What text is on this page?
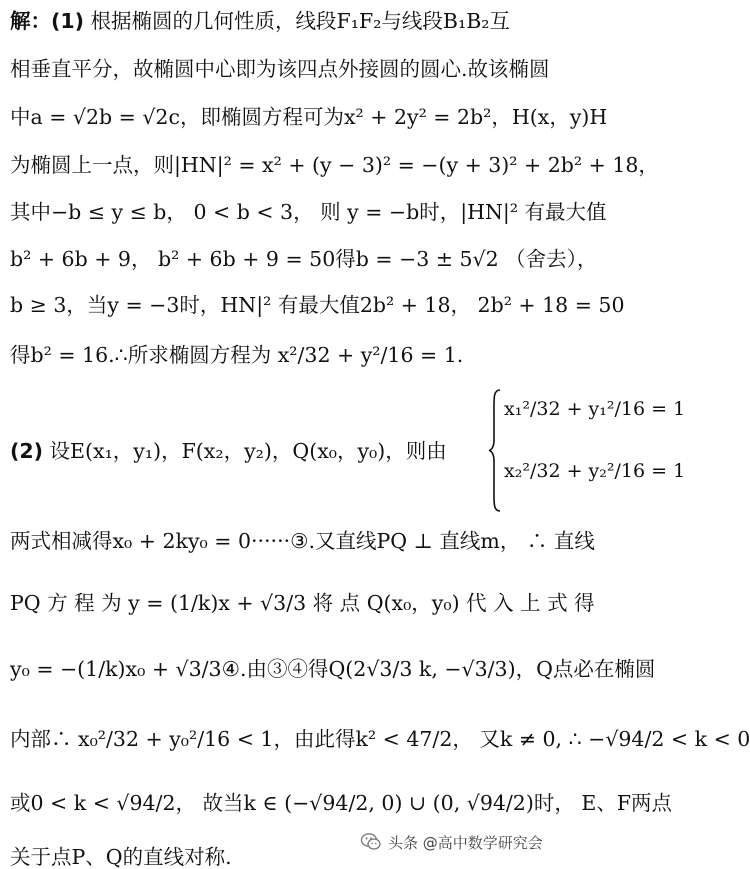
解：(1) 根据椭圆的几何性质，线段F₁F₂与线段B₁B₂互
相垂直平分，故椭圆中心即为该四点外接圆的圆心.故该椭圆
中a = √2b = √2c，即椭圆方程可为x² + 2y² = 2b²，H(x，y)H
为椭圆上一点，则|HN|² = x² + (y − 3)² = −(y + 3)² + 2b² + 18，
其中−b ≤ y ≤ b， 0 < b < 3， 则 y = −b时，|HN|² 有最大值
b² + 6b + 9， b² + 6b + 9 = 50得b = −3 ± 5√2 （舍去），
b ≥ 3，当y = −3时，HN|² 有最大值2b² + 18， 2b² + 18 = 50
得b² = 16.∴所求椭圆方程为 x²/32 + y²/16 = 1.
(2) 设E(x₁，y₁)，F(x₂，y₂)，Q(x₀，y₀)，则由
x₁²/32 + y₁²/16 = 1
x₂²/32 + y₂²/16 = 1
两式相减得x₀ + 2ky₀ = 0······③.又直线PQ ⊥ 直线m， ∴ 直线
PQ 方 程 为 y = (1/k)x + √3/3 将 点 Q(x₀，y₀) 代 入 上 式 得
y₀ = −(1/k)x₀ + √3/3④.由③④得Q(2√3/3 k, −√3/3)，Q点必在椭圆
内部∴ x₀²/32 + y₀²/16 < 1，由此得k² < 47/2， 又k ≠ 0, ∴ −√94/2 < k < 0
或0 < k < √94/2， 故当k ∈ (−√94/2, 0) ∪ (0, √94/2)时， E、F两点
关于点P、Q的直线对称.
头条 @高中数学研究会
